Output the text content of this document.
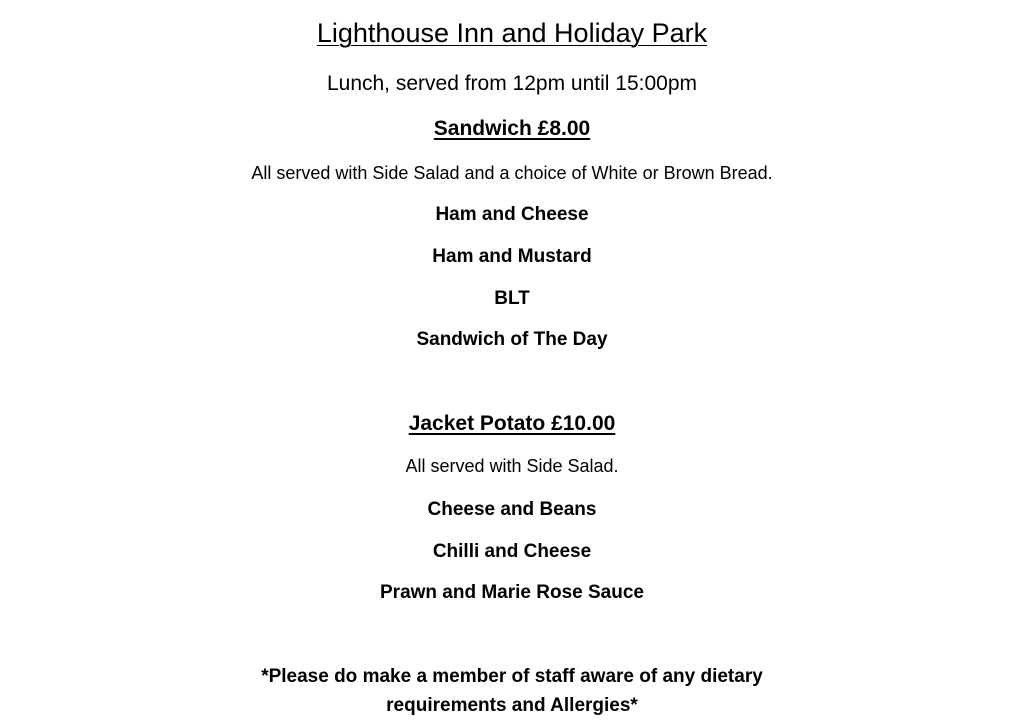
Lighthouse Inn and Holiday Park
Lunch, served from 12pm until 15:00pm
Sandwich £8.00
All served with Side Salad and a choice of White or Brown Bread.
Ham and Cheese
Ham and Mustard
BLT
Sandwich of The Day
Jacket Potato £10.00
All served with Side Salad.
Cheese and Beans
Chilli and Cheese
Prawn and Marie Rose Sauce
*Please do make a member of staff aware of any dietary
requirements and Allergies*
